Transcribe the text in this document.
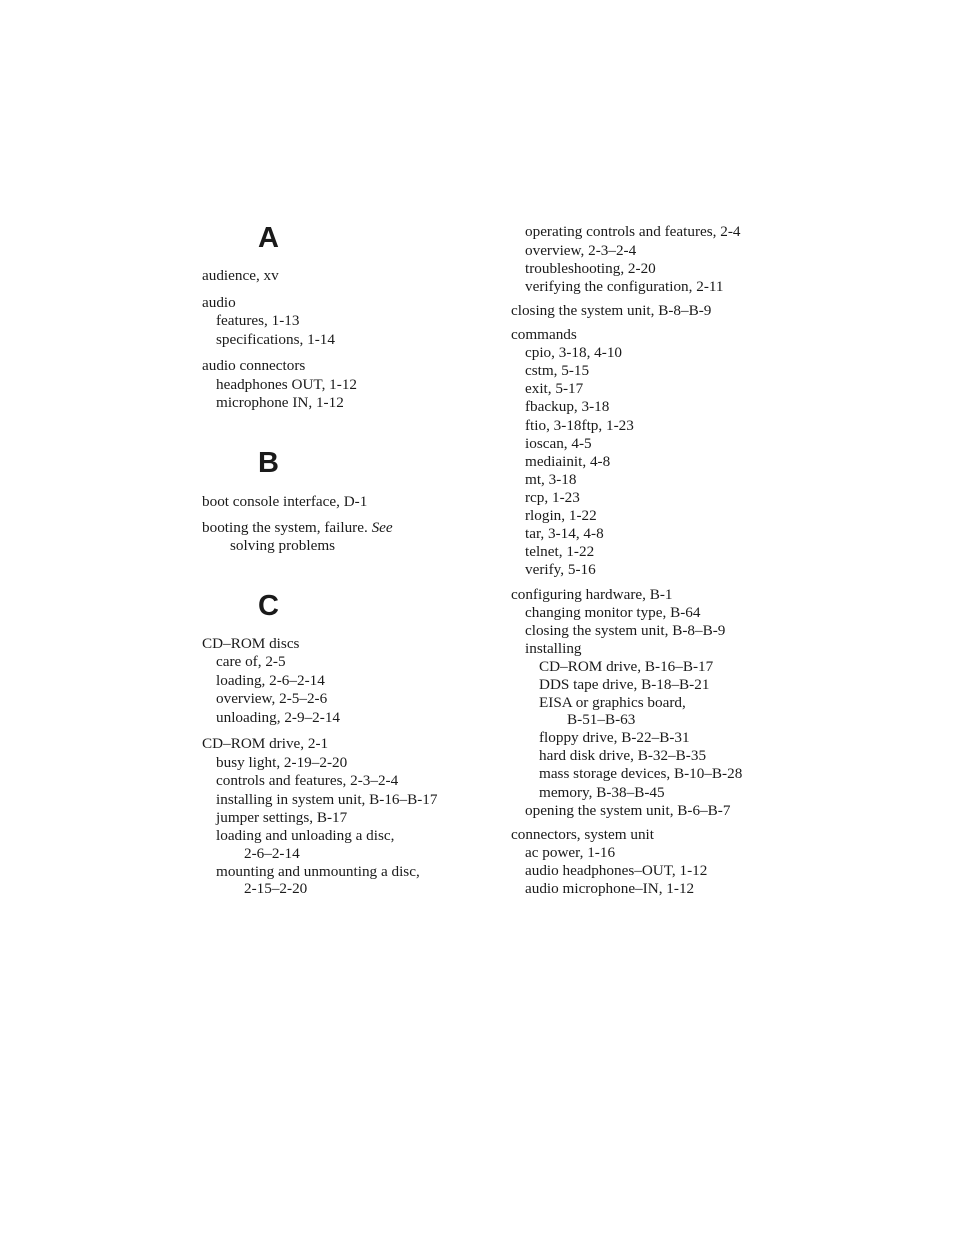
A
audience, xv
audio
features, 1-13
specifications, 1-14
audio connectors
headphones OUT, 1-12
microphone IN, 1-12
B
boot console interface, D-1
booting the system, failure. See
solving problems
C
CD–ROM discs
care of, 2-5
loading, 2-6–2-14
overview, 2-5–2-6
unloading, 2-9–2-14
CD–ROM drive, 2-1
busy light, 2-19–2-20
controls and features, 2-3–2-4
installing in system unit, B-16–B-17
jumper settings, B-17
loading and unloading a disc,
2-6–2-14
mounting and unmounting a disc,
2-15–2-20
operating controls and features, 2-4
overview, 2-3–2-4
troubleshooting, 2-20
verifying the configuration, 2-11
closing the system unit, B-8–B-9
commands
cpio, 3-18, 4-10
cstm, 5-15
exit, 5-17
fbackup, 3-18
ftio, 3-18ftp, 1-23
ioscan, 4-5
mediainit, 4-8
mt, 3-18
rcp, 1-23
rlogin, 1-22
tar, 3-14, 4-8
telnet, 1-22
verify, 5-16
configuring hardware, B-1
changing monitor type, B-64
closing the system unit, B-8–B-9
installing
CD–ROM drive, B-16–B-17
DDS tape drive, B-18–B-21
EISA or graphics board,
B-51–B-63
floppy drive, B-22–B-31
hard disk drive, B-32–B-35
mass storage devices, B-10–B-28
memory, B-38–B-45
opening the system unit, B-6–B-7
connectors, system unit
ac power, 1-16
audio headphones–OUT, 1-12
audio microphone–IN, 1-12
